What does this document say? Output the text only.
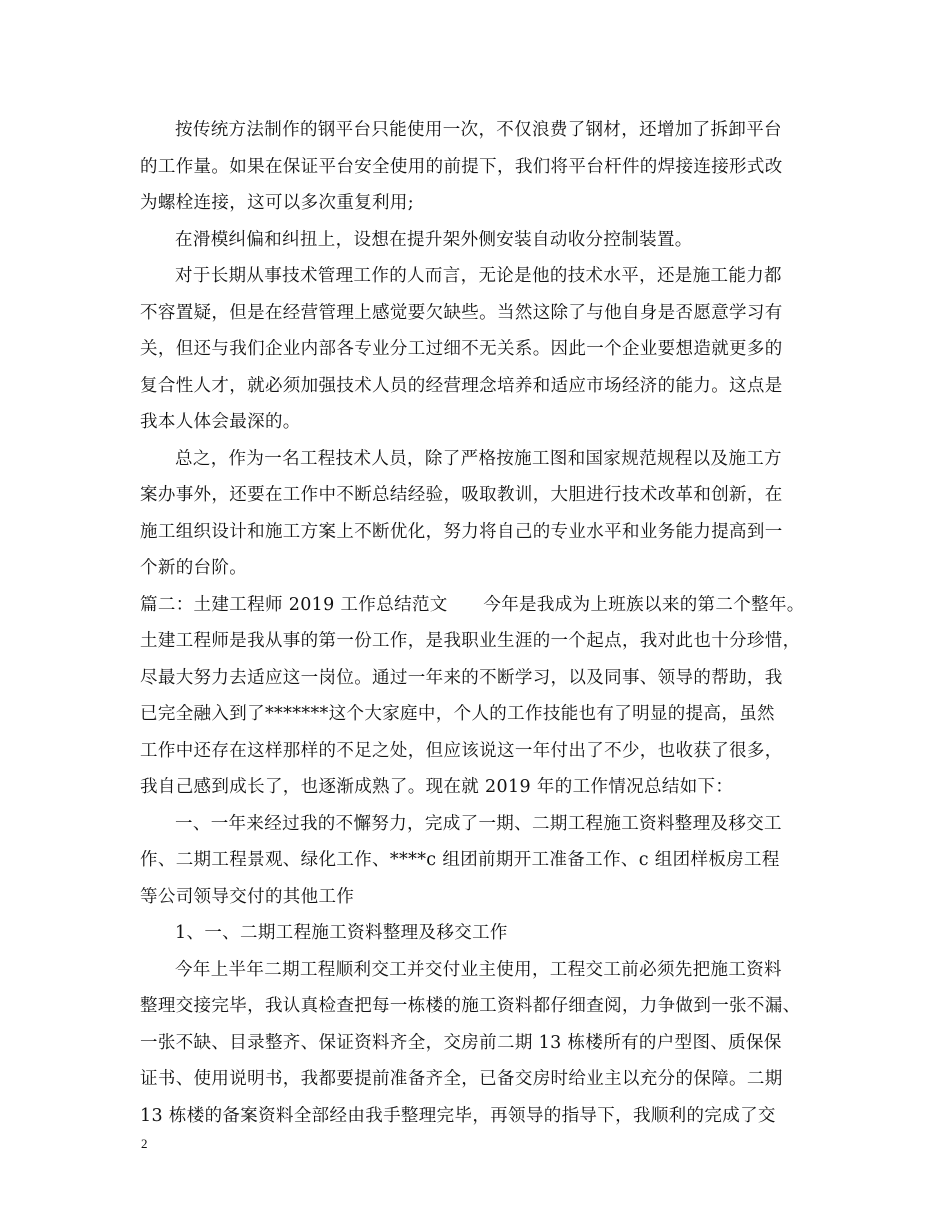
按传统方法制作的钢平台只能使用一次，不仅浪费了钢材，还增加了拆卸平台
的工作量。如果在保证平台安全使用的前提下，我们将平台杆件的焊接连接形式改
为螺栓连接，这可以多次重复利用;
在滑模纠偏和纠扭上，设想在提升架外侧安装自动收分控制装置。
对于长期从事技术管理工作的人而言，无论是他的技术水平，还是施工能力都
不容置疑，但是在经营管理上感觉要欠缺些。当然这除了与他自身是否愿意学习有
关，但还与我们企业内部各专业分工过细不无关系。因此一个企业要想造就更多的
复合性人才，就必须加强技术人员的经营理念培养和适应市场经济的能力。这点是
我本人体会最深的。
总之，作为一名工程技术人员，除了严格按施工图和国家规范规程以及施工方
案办事外，还要在工作中不断总结经验，吸取教训，大胆进行技术改革和创新，在
施工组织设计和施工方案上不断优化，努力将自己的专业水平和业务能力提高到一
个新的台阶。
篇二：土建工程师 2019 工作总结范文　　今年是我成为上班族以来的第二个整年。
土建工程师是我从事的第一份工作，是我职业生涯的一个起点，我对此也十分珍惜，
尽最大努力去适应这一岗位。通过一年来的不断学习，以及同事、领导的帮助，我
已完全融入到了*******这个大家庭中，个人的工作技能也有了明显的提高，虽然
工作中还存在这样那样的不足之处，但应该说这一年付出了不少，也收获了很多，
我自己感到成长了，也逐渐成熟了。现在就 2019 年的工作情况总结如下：
一、一年来经过我的不懈努力，完成了一期、二期工程施工资料整理及移交工
作、二期工程景观、绿化工作、****c 组团前期开工准备工作、c 组团样板房工程
等公司领导交付的其他工作
1、一、二期工程施工资料整理及移交工作
今年上半年二期工程顺利交工并交付业主使用，工程交工前必须先把施工资料
整理交接完毕，我认真检查把每一栋楼的施工资料都仔细查阅，力争做到一张不漏、
一张不缺、目录整齐、保证资料齐全，交房前二期 13 栋楼所有的户型图、质保保
证书、使用说明书，我都要提前准备齐全，已备交房时给业主以充分的保障。二期
13 栋楼的备案资料全部经由我手整理完毕，再领导的指导下，我顺利的完成了交
2
